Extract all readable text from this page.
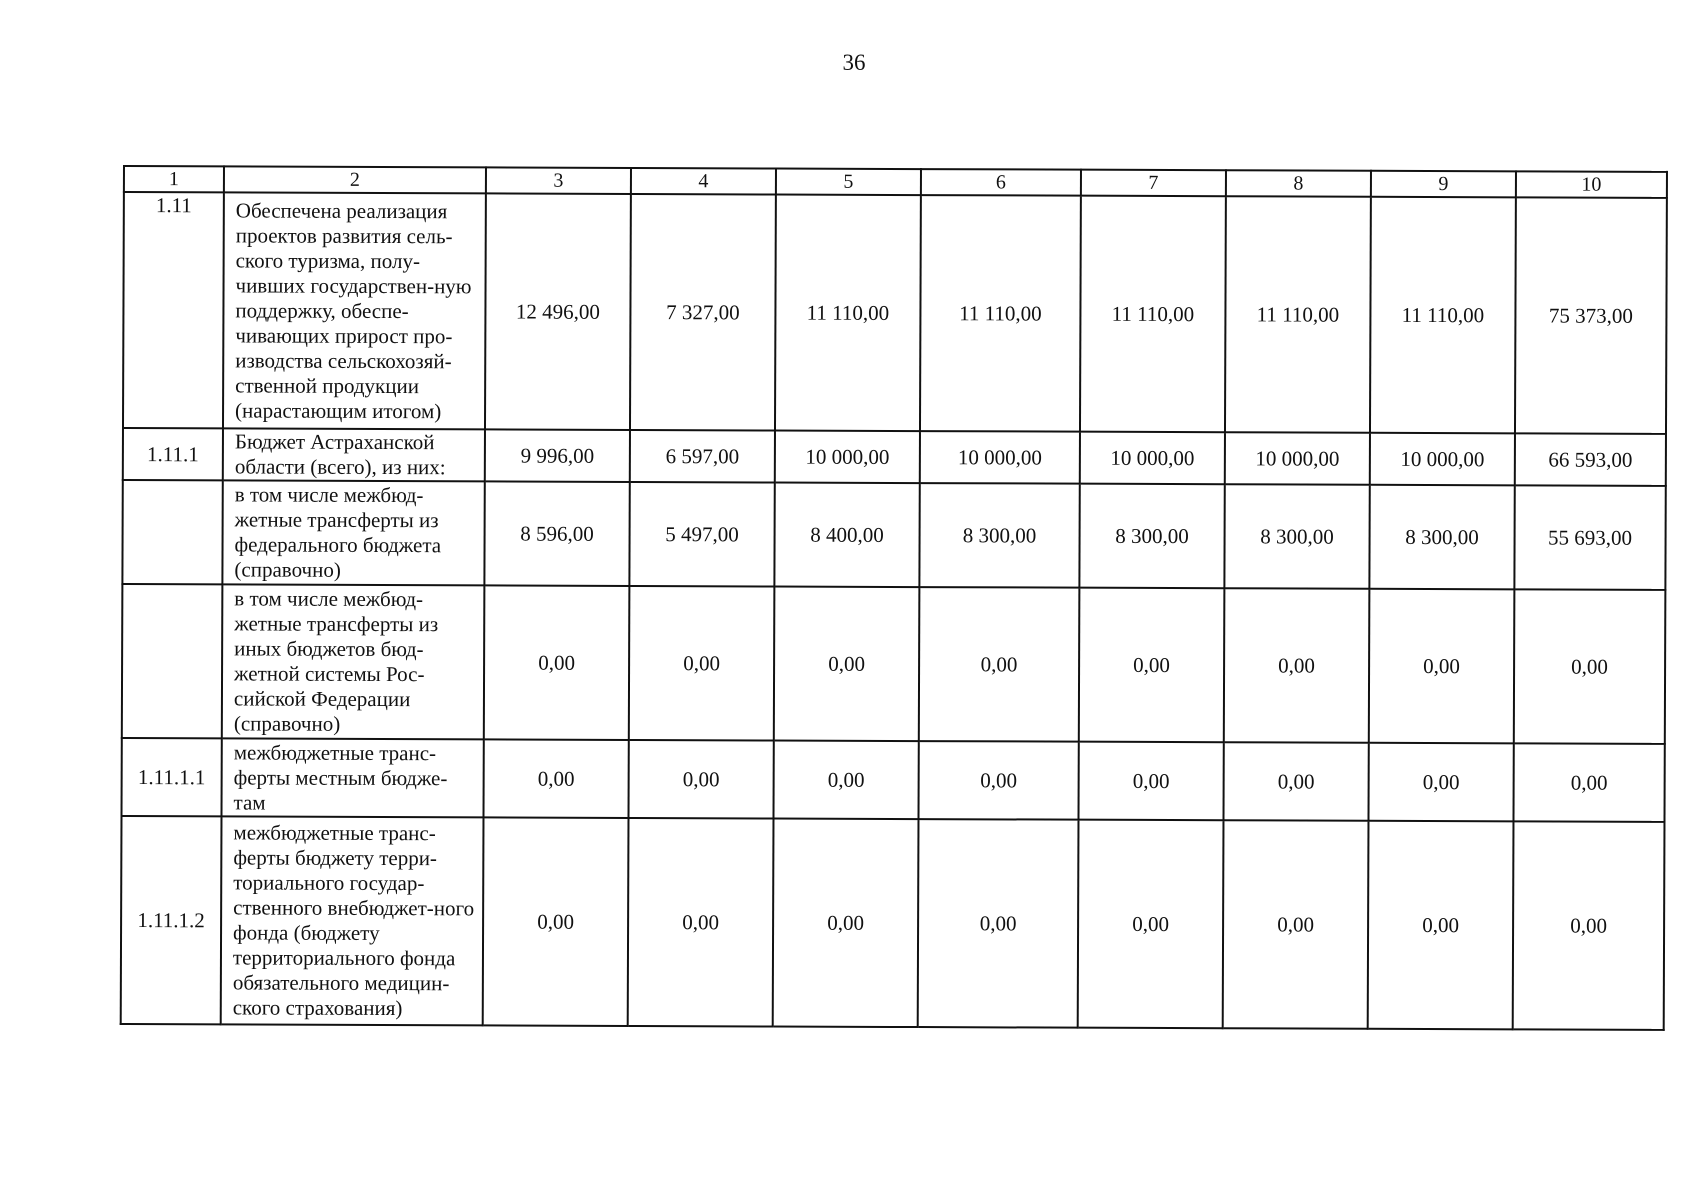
36
1	2	3	4	5	6	7	8	9	10
1.11	Обеспечена реализация проектов развития сель-ского туризма, полу-чивших государствен-ную поддержку, обеспе-чивающих прирост про-изводства сельскохозяй-ственной продукции (нарастающим итогом)	12 496,00	7 327,00	11 110,00	11 110,00	11 110,00	11 110,00	11 110,00	75 373,00
1.11.1	Бюджет Астраханской области (всего), из них:	9 996,00	6 597,00	10 000,00	10 000,00	10 000,00	10 000,00	10 000,00	66 593,00
	в том числе межбюд-жетные трансферты из федерального бюджета (справочно)	8 596,00	5 497,00	8 400,00	8 300,00	8 300,00	8 300,00	8 300,00	55 693,00
	в том числе межбюд-жетные трансферты из иных бюджетов бюд-жетной системы Рос-сийской Федерации (справочно)	0,00	0,00	0,00	0,00	0,00	0,00	0,00	0,00
1.11.1.1	межбюджетные транс-ферты местным бюдже-там	0,00	0,00	0,00	0,00	0,00	0,00	0,00	0,00
1.11.1.2	межбюджетные транс-ферты бюджету терри-ториального государ-ственного внебюджет-ного фонда (бюджету территориального фонда обязательного медицин-ского страхования)	0,00	0,00	0,00	0,00	0,00	0,00	0,00	0,00
